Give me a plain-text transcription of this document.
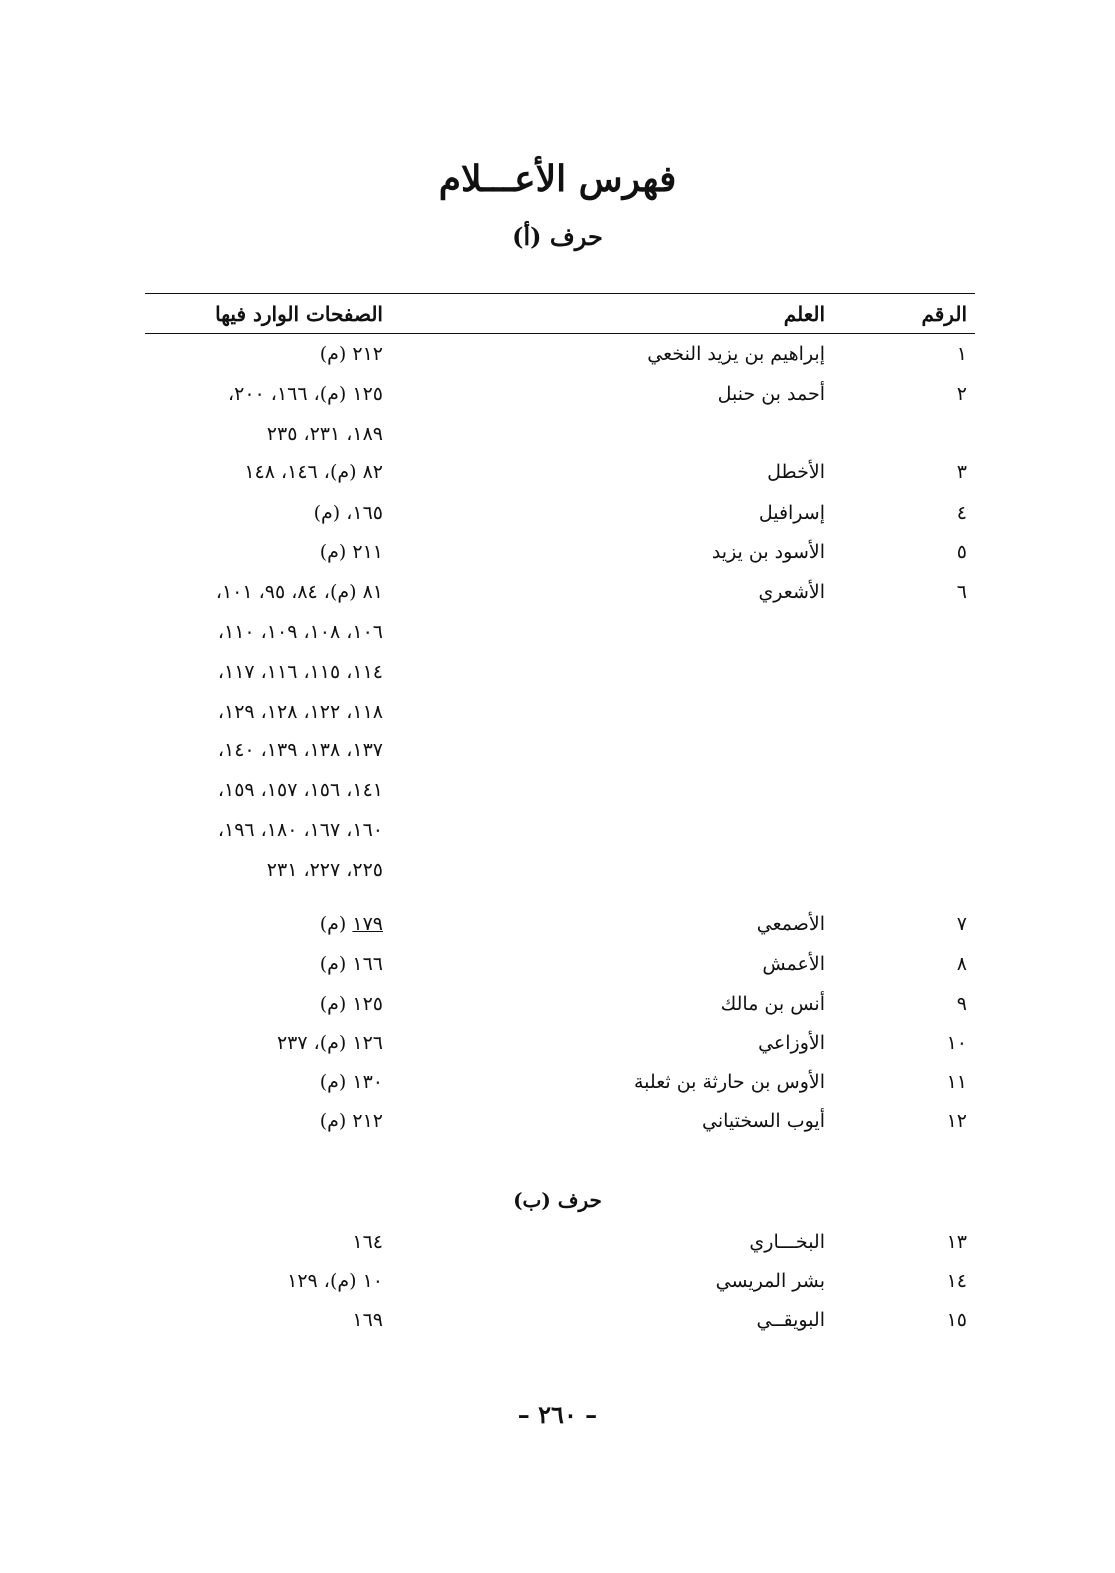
فهرس الأعـــلام
حرف (أ)
الرقم
العلم
الصفحات الوارد فيها
١
إبراهيم بن يزيد النخعي
٢١٢ (م)
٢
أحمد بن حنبل
١٢٥ (م)، ١٦٦، ٢٠٠،
١٨٩، ٢٣١، ٢٣٥
٣
الأخطل
٨٢ (م)، ١٤٦، ١٤٨
٤
إسرافيل
١٦٥، (م)
٥
الأسود بن يزيد
٢١١ (م)
٦
الأشعري
٨١ (م)، ٨٤، ٩٥، ١٠١،
١٠٦، ١٠٨، ١٠٩، ١١٠،
١١٤، ١١٥، ١١٦، ١١٧،
١١٨، ١٢٢، ١٢٨، ١٢٩،
١٣٧، ١٣٨، ١٣٩، ١٤٠،
١٤١، ١٥٦، ١٥٧، ١٥٩،
١٦٠، ١٦٧، ١٨٠، ١٩٦،
٢٢٥، ٢٢٧، ٢٣١
٧
الأصمعي
١٧٩ (م)
٨
الأعمش
١٦٦ (م)
٩
أنس بن مالك
١٢٥ (م)
١٠
الأوزاعي
١٢٦ (م)، ٢٣٧
١١
الأوس بن حارثة بن ثعلبة
١٣٠ (م)
١٢
أيوب السختياني
٢١٢ (م)
حرف (ب)
١٣
البخـــاري
١٦٤
١٤
بشر المريسي
١٠ (م)، ١٢٩
١٥
البويقــي
١٦٩
– ٢٦٠ –
